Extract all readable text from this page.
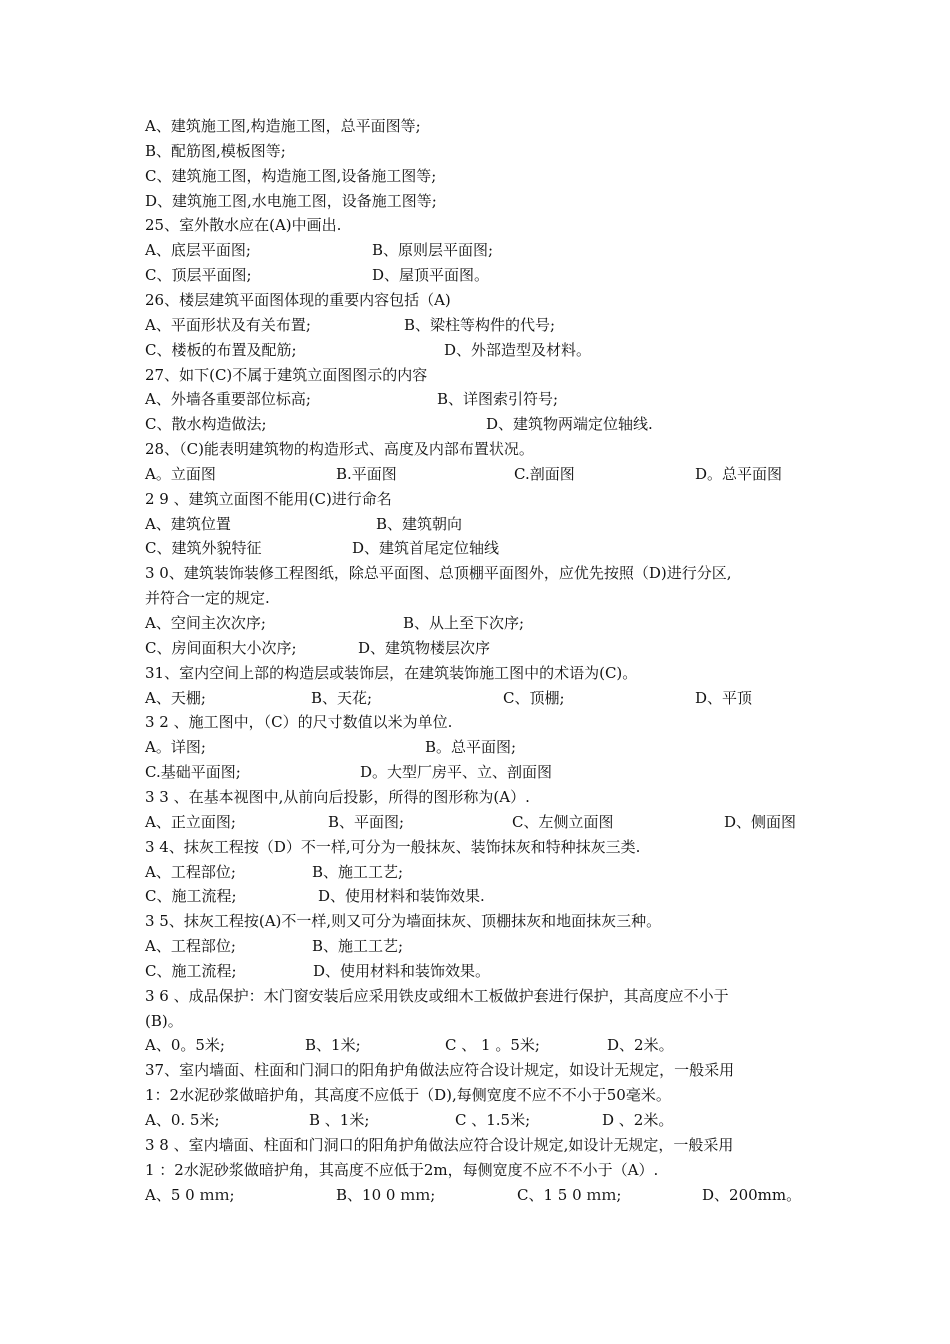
A、建筑施工图,构造施工图，总平面图等;
B、配筋图,模板图等;
C、建筑施工图，构造施工图,设备施工图等;
D、建筑施工图,水电施工图，设备施工图等;
25、室外散水应在(A)中画出.
A、底层平面图;	B、原则层平面图;
C、顶层平面图;	D、屋顶平面图。
26、楼层建筑平面图体现的重要内容包括（A)
A、平面形状及有关布置;	B、梁柱等构件的代号;
C、楼板的布置及配筋;	D、外部造型及材料。
27、如下(C)不属于建筑立面图图示的内容
A、外墙各重要部位标高;	B、详图索引符号;
C、散水构造做法;	D、建筑物两端定位轴线.
28、（C)能表明建筑物的构造形式、高度及内部布置状况。
A。立面图	B.平面图	C.剖面图	D。总平面图
2 9 、建筑立面图不能用(C)进行命名
A、建筑位置	B、建筑朝向
C、建筑外貌特征	D、建筑首尾定位轴线
3 0、建筑装饰装修工程图纸，除总平面图、总顶棚平面图外，应优先按照（D)进行分区,
并符合一定的规定.
A、空间主次次序;	B、从上至下次序;
C、房间面积大小次序;	D、建筑物楼层次序
31、室内空间上部的构造层或装饰层，在建筑装饰施工图中的术语为(C)。
A、天棚;	B、天花;	C、顶棚;	D、平顶
3 2 、施工图中，（C）的尺寸数值以米为单位.
A。详图;	B。总平面图;
C.基础平面图;	D。大型厂房平、立、剖面图
3 3 、在基本视图中,从前向后投影，所得的图形称为(A）.
A、正立面图;	B、平面图;	C、左侧立面图	D、侧面图
3 4、抹灰工程按（D）不一样,可分为一般抹灰、装饰抹灰和特种抹灰三类.
A、工程部位;	B、施工工艺;
C、施工流程;	D、使用材料和装饰效果.
3 5、抹灰工程按(A)不一样,则又可分为墙面抹灰、顶棚抹灰和地面抹灰三种。
A、工程部位;	B、施工工艺;
C、施工流程;	D、使用材料和装饰效果。
3 6 、成品保护：木门窗安装后应采用铁皮或细木工板做护套进行保护，其高度应不小于
(B)。
A、0。5米;	B、1米;	C 、 1 。5米;	D、2米。
37、室内墙面、柱面和门洞口的阳角护角做法应符合设计规定，如设计无规定，一般采用
1：2水泥砂浆做暗护角，其高度不应低于（D),每侧宽度不应不不小于50毫米。
A、0. 5米;	B 、1米;	C 、1.5米;	D 、2米。
3 8 、室内墙面、柱面和门洞口的阳角护角做法应符合设计规定,如设计无规定，一般采用
1 ：2水泥砂浆做暗护角，其高度不应低于2m，每侧宽度不应不不小于（A）.
A、5 0 ｍｍ;	B、10 0 ｍｍ;	C、1 5 0 ｍｍ;	D、200mm。
